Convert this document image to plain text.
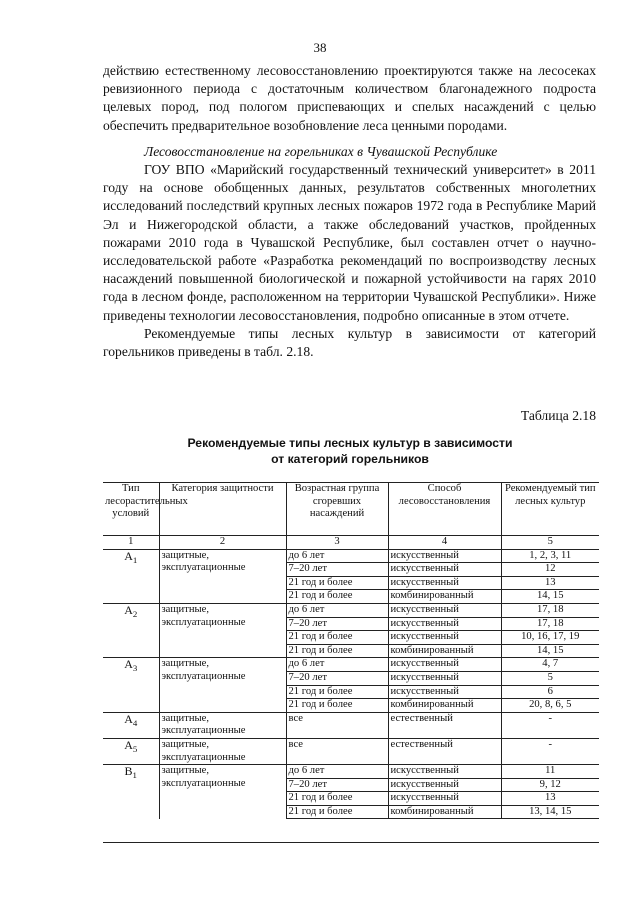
38

действию естественному лесовосстановлению проектируются также на лесосеках ревизионного периода с достаточным количеством благонадежного подроста целевых пород, под пологом приспевающих и спелых насаждений с целью обеспечить предварительное возобновление леса ценными породами.

Лесовосстановление на горельниках в Чувашской Республике

ГОУ ВПО «Марийский государственный технический университет» в 2011 году на основе обобщенных данных, результатов собственных многолетних исследований последствий крупных лесных пожаров 1972 года в Республике Марий Эл и Нижегородской области, а также обследований участков, пройденных пожарами 2010 года в Чувашской Республике, был составлен отчет о научно-исследовательской работе «Разработка рекомендаций по воспроизводству лесных насаждений повышенной биологической и пожарной устойчивости на гарях 2010 года в лесном фонде, расположенном на территории Чувашской Республики». Ниже приведены технологии лесовосстановления, подробно описанные в этом отчете.

Рекомендуемые типы лесных культур в зависимости от категорий горельников приведены в табл. 2.18.

Таблица 2.18
Рекомендуемые типы лесных культур в зависимости
от категорий горельников
Тип лесорастительных условий	Категория защитности	Возрастная группа сгоревших насаждений	Способ лесовосстановления	Рекомендуемый тип лесных культур
1	2	3	4	5
$A_1$	защитные, эксплуатационные	до 6 лет	искусственный	1, 2, 3, 11
		7–20 лет	искусственный	12
		21 год и более	искусственный	13
		21 год и более	комбинированный	14, 15
$A_2$	защитные, эксплуатационные	до 6 лет	искусственный	17, 18
		7–20 лет	искусственный	17, 18
		21 год и более	искусственный	10, 16, 17, 19
		21 год и более	комбинированный	14, 15
$A_3$	защитные, эксплуатационные	до 6 лет	искусственный	4, 7
		7–20 лет	искусственный	5
		21 год и более	искусственный	6
		21 год и более	комбинированный	20, 8, 6, 5
$A_4$	защитные, эксплуатационные	все	естественный	-
$A_5$	защитные, эксплуатационные	все	естественный	-
$B_1$	защитные, эксплуатационные	до 6 лет	искусственный	11
		7–20 лет	искусственный	9, 12
		21 год и более	искусственный	13
		21 год и более	комбинированный	13, 14, 15
